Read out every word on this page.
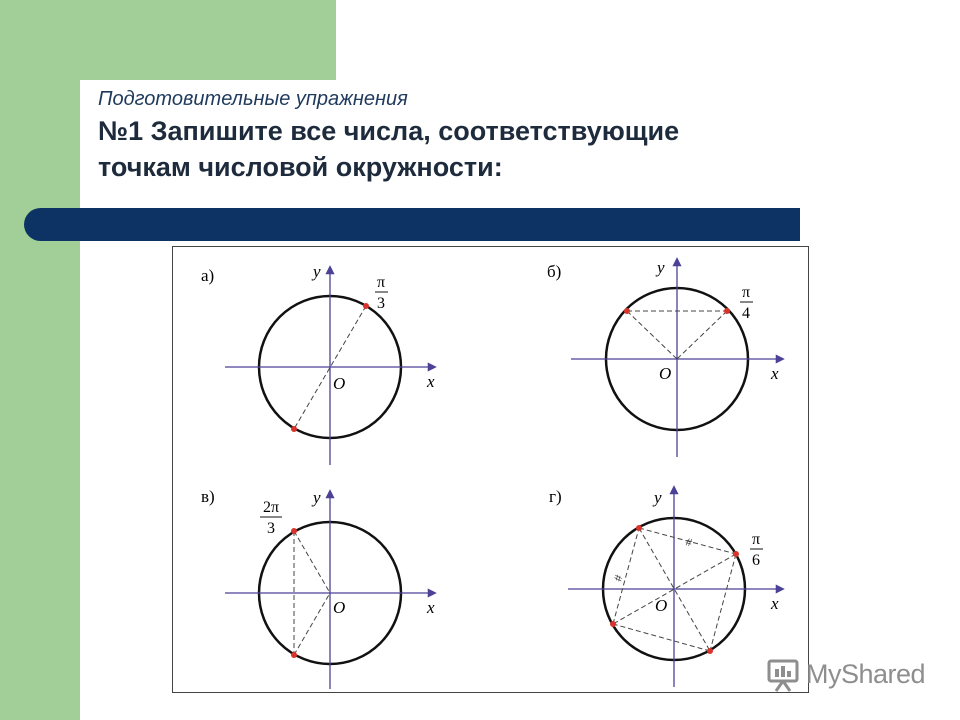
Подготовительные упражнения
№1 Запишите все числа, соответствующие
точкам числовой окружности:
а)	y
x
O
π
3
б)	y
x
O
π
4
в)	y
x
O
2π
3
г)
#
#
y
x
O
π
6
MyShared
